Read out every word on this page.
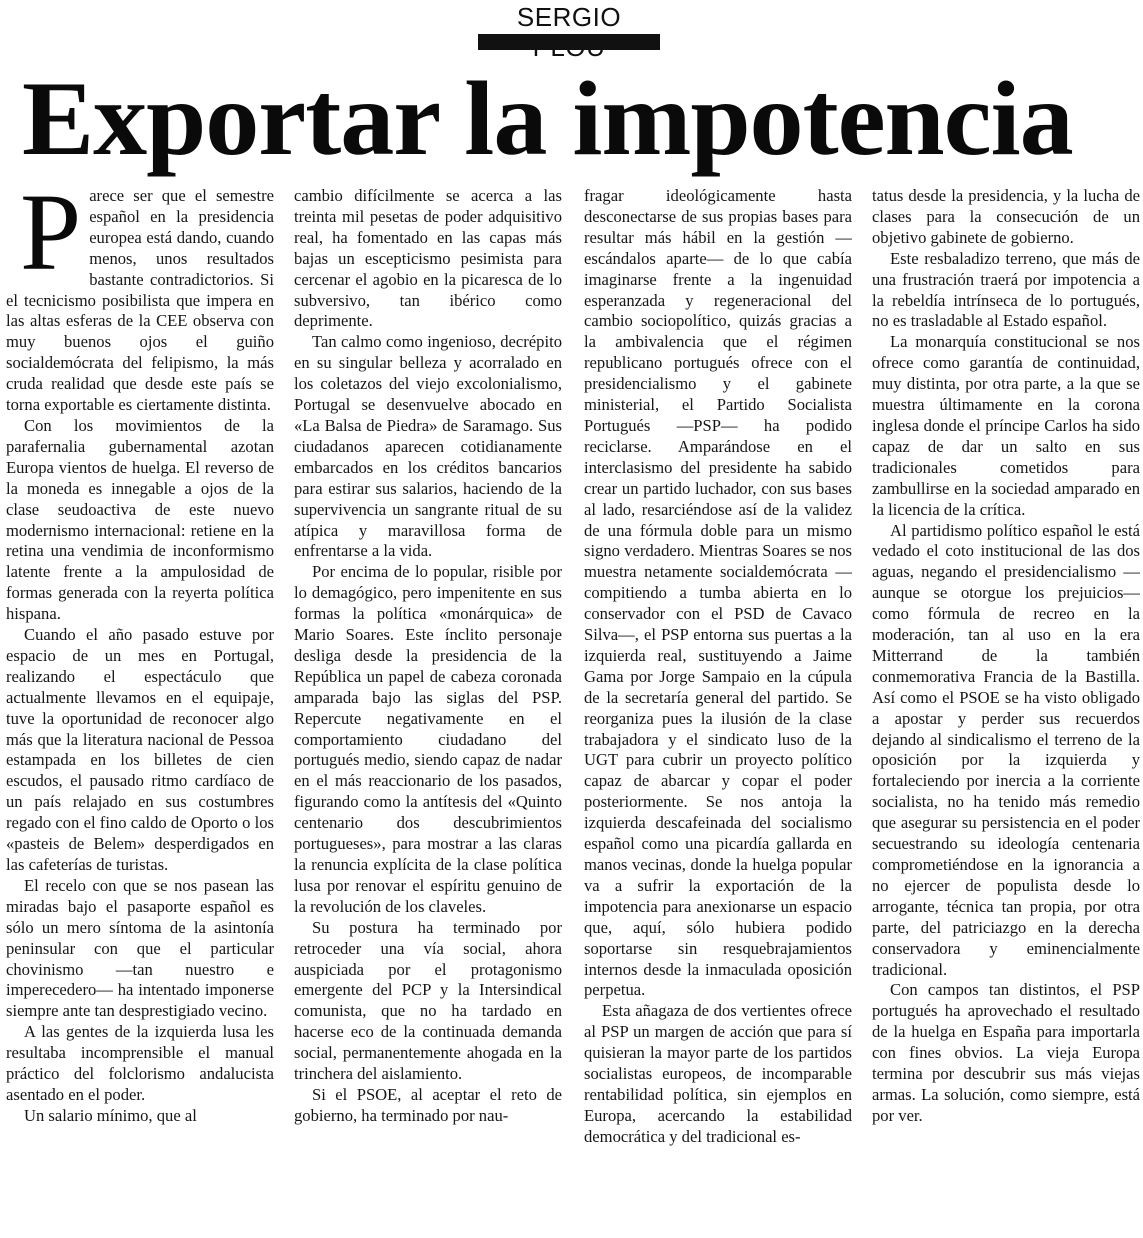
SERGIO
Exportar la impotencia
P arece ser que el semestre español en la presidencia europea está dando, cuando menos, unos resultados bastante contradictorios. Si el tecnicismo posibilista que impera en las altas esferas de la CEE observa con muy buenos ojos el guiño socialdemócrata del felipismo, la más cruda realidad que desde este país se torna exportable es ciertamente distinta.

Con los movimientos de la parafernalia gubernamental azotan Europa vientos de huelga. El reverso de la moneda es innegable a ojos de la clase seudoactiva de este nuevo modernismo internacional: retiene en la retina una vendimia de inconformismo latente frente a la ampulosidad de formas generada con la reyerta política hispana.

Cuando el año pasado estuve por espacio de un mes en Portugal, realizando el espectáculo que actualmente llevamos en el equipaje, tuve la oportunidad de reconocer algo más que la literatura nacional de Pessoa estampada en los billetes de cien escudos, el pausado ritmo cardíaco de un país relajado en sus costumbres regado con el fino caldo de Oporto o los «pasteis de Belem» desperdigados en las cafeterías de turistas.

El recelo con que se nos pasean las miradas bajo el pasaporte español es sólo un mero síntoma de la asintonía peninsular con que el particular chovinismo —tan nuestro e imperecedero— ha intentado imponerse siempre ante tan desprestigiado vecino.

A las gentes de la izquierda lusa les resultaba incomprensible el manual práctico del folclorismo andalucista asentado en el poder.

Un salario mínimo, que al

cambio difícilmente se acerca a las treinta mil pesetas de poder adquisitivo real, ha fomentado en las capas más bajas un escepticismo pesimista para cercenar el agobio en la picaresca de lo subversivo, tan ibérico como deprimente.

Tan calmo como ingenioso, decrépito en su singular belleza y acorralado en los coletazos del viejo excolonialismo, Portugal se desenvuelve abocado en «La Balsa de Piedra» de Saramago. Sus ciudadanos aparecen cotidianamente embarcados en los créditos bancarios para estirar sus salarios, haciendo de la supervivencia un sangrante ritual de su atípica y maravillosa forma de enfrentarse a la vida.

Por encima de lo popular, risible por lo demagógico, pero impenitente en sus formas la política «monárquica» de Mario Soares. Este ínclito personaje desliga desde la presidencia de la República un papel de cabeza coronada amparada bajo las siglas del PSP. Repercute negativamente en el comportamiento ciudadano del portugués medio, siendo capaz de nadar en el más reaccionario de los pasados, figurando como la antítesis del «Quinto centenario dos descubrimientos portugueses», para mostrar a las claras la renuncia explícita de la clase política lusa por renovar el espíritu genuino de la revolución de los claveles.

Su postura ha terminado por retroceder una vía social, ahora auspiciada por el protagonismo emergente del PCP y la Intersindical comunista, que no ha tardado en hacerse eco de la continuada demanda social, permanentemente ahogada en la trinchera del aislamiento.

Si el PSOE, al aceptar el reto de gobierno, ha terminado por nau-

fragar ideológicamente hasta desconectarse de sus propias bases para resultar más hábil en la gestión —escándalos aparte— de lo que cabía imaginarse frente a la ingenuidad esperanzada y regeneracional del cambio sociopolítico, quizás gracias a la ambivalencia que el régimen republicano portugués ofrece con el presidencialismo y el gabinete ministerial, el Partido Socialista Portugués —PSP— ha podido reciclarse. Amparándose en el interclasismo del presidente ha sabido crear un partido luchador, con sus bases al lado, resarciéndose así de la validez de una fórmula doble para un mismo signo verdadero. Mientras Soares se nos muestra netamente socialdemócrata —compitiendo a tumba abierta en lo conservador con el PSD de Cavaco Silva—, el PSP entorna sus puertas a la izquierda real, sustituyendo a Jaime Gama por Jorge Sampaio en la cúpula de la secretaría general del partido. Se reorganiza pues la ilusión de la clase trabajadora y el sindicato luso de la UGT para cubrir un proyecto político capaz de abarcar y copar el poder posteriormente. Se nos antoja la izquierda descafeinada del socialismo español como una picardía gallarda en manos vecinas, donde la huelga popular va a sufrir la exportación de la impotencia para anexionarse un espacio que, aquí, sólo hubiera podido soportarse sin resquebrajamientos internos desde la inmaculada oposición perpetua.

Esta añagaza de dos vertientes ofrece al PSP un margen de acción que para sí quisieran la mayor parte de los partidos socialistas europeos, de incomparable rentabilidad política, sin ejemplos en Europa, acercando la estabilidad democrática y del tradicional es-

tatus desde la presidencia, y la lucha de clases para la consecución de un objetivo gabinete de gobierno.

Este resbaladizo terreno, que más de una frustración traerá por impotencia a la rebeldía intrínseca de lo portugués, no es trasladable al Estado español.

La monarquía constitucional se nos ofrece como garantía de continuidad, muy distinta, por otra parte, a la que se muestra últimamente en la corona inglesa donde el príncipe Carlos ha sido capaz de dar un salto en sus tradicionales cometidos para zambullirse en la sociedad amparado en la licencia de la crítica.

Al partidismo político español le está vedado el coto institucional de las dos aguas, negando el presidencialismo —aunque se otorgue los prejuicios— como fórmula de recreo en la moderación, tan al uso en la era Mitterrand de la también conmemorativa Francia de la Bastilla. Así como el PSOE se ha visto obligado a apostar y perder sus recuerdos dejando al sindicalismo el terreno de la oposición por la izquierda y fortaleciendo por inercia a la corriente socialista, no ha tenido más remedio que asegurar su persistencia en el poder secuestrando su ideología centenaria comprometiéndose en la ignorancia a no ejercer de populista desde lo arrogante, técnica tan propia, por otra parte, del patriciazgo en la derecha conservadora y eminencialmente tradicional.

Con campos tan distintos, el PSP portugués ha aprovechado el resultado de la huelga en España para importarla con fines obvios. La vieja Europa termina por descubrir sus más viejas armas. La solución, como siempre, está por ver.
